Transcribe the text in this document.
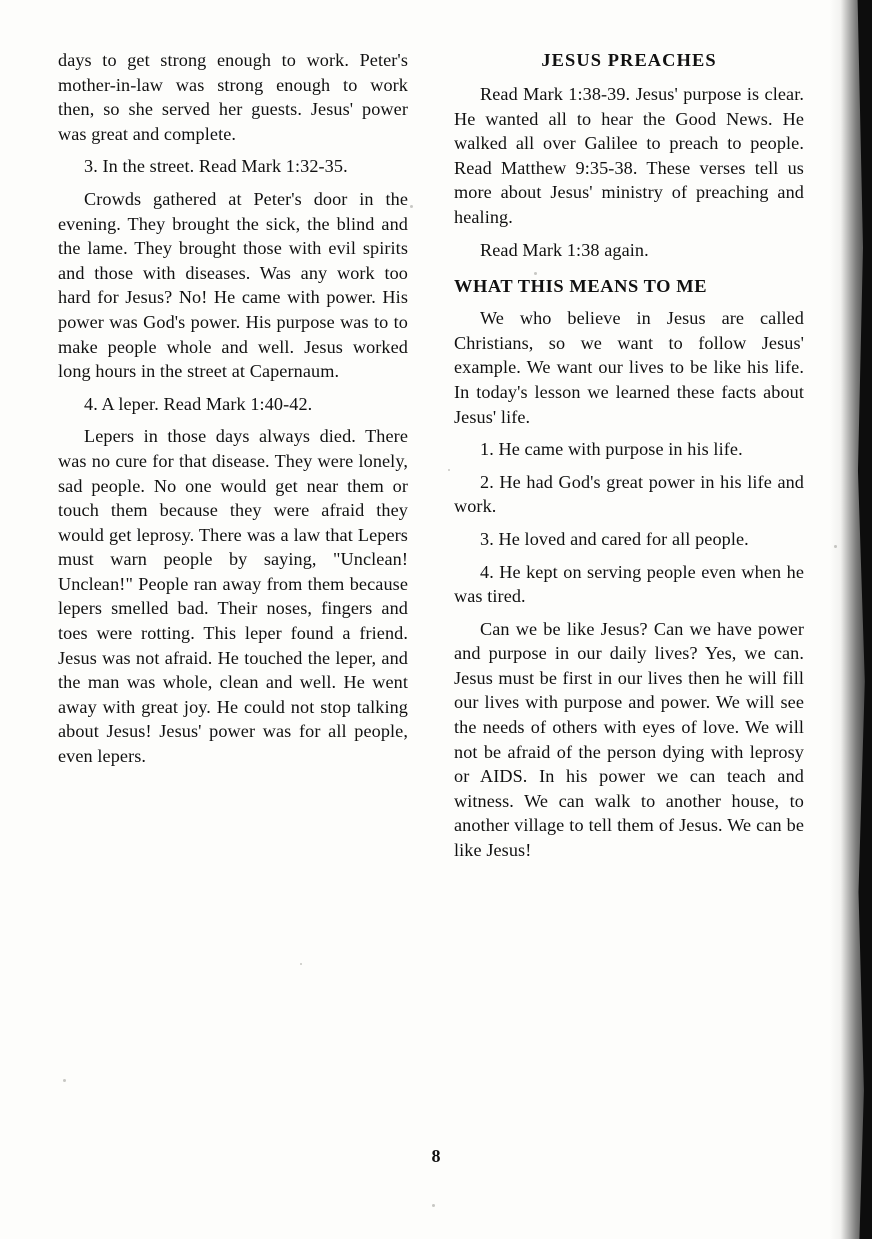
days to get strong enough to work. Peter's mother-in-law was strong enough to work then, so she served her guests. Jesus' power was great and complete.

3. In the street. Read Mark 1:32-35.

Crowds gathered at Peter's door in the evening. They brought the sick, the blind and the lame. They brought those with evil spirits and those with diseases. Was any work too hard for Jesus? No! He came with power. His power was God's power. His purpose was to to make people whole and well. Jesus worked long hours in the street at Capernaum.

4. A leper. Read Mark 1:40-42.

Lepers in those days always died. There was no cure for that disease. They were lonely, sad people. No one would get near them or touch them because they were afraid they would get leprosy. There was a law that Lepers must warn people by saying, "Unclean! Unclean!" People ran away from them because lepers smelled bad. Their noses, fingers and toes were rotting. This leper found a friend. Jesus was not afraid. He touched the leper, and the man was whole, clean and well. He went away with great joy. He could not stop talking about Jesus! Jesus' power was for all people, even lepers.

JESUS PREACHES

Read Mark 1:38-39. Jesus' purpose is clear. He wanted all to hear the Good News. He walked all over Galilee to preach to people. Read Matthew 9:35-38. These verses tell us more about Jesus' ministry of preaching and healing.

Read Mark 1:38 again.

WHAT THIS MEANS TO ME

We who believe in Jesus are called Christians, so we want to follow Jesus' example. We want our lives to be like his life. In today's lesson we learned these facts about Jesus' life.

1. He came with purpose in his life.

2. He had God's great power in his life and work.

3. He loved and cared for all people.

4. He kept on serving people even when he was tired.

Can we be like Jesus? Can we have power and purpose in our daily lives? Yes, we can. Jesus must be first in our lives then he will fill our lives with purpose and power. We will see the needs of others with eyes of love. We will not be afraid of the person dying with leprosy or AIDS. In his power we can teach and witness. We can walk to another house, to another village to tell them of Jesus. We can be like Jesus!

8
